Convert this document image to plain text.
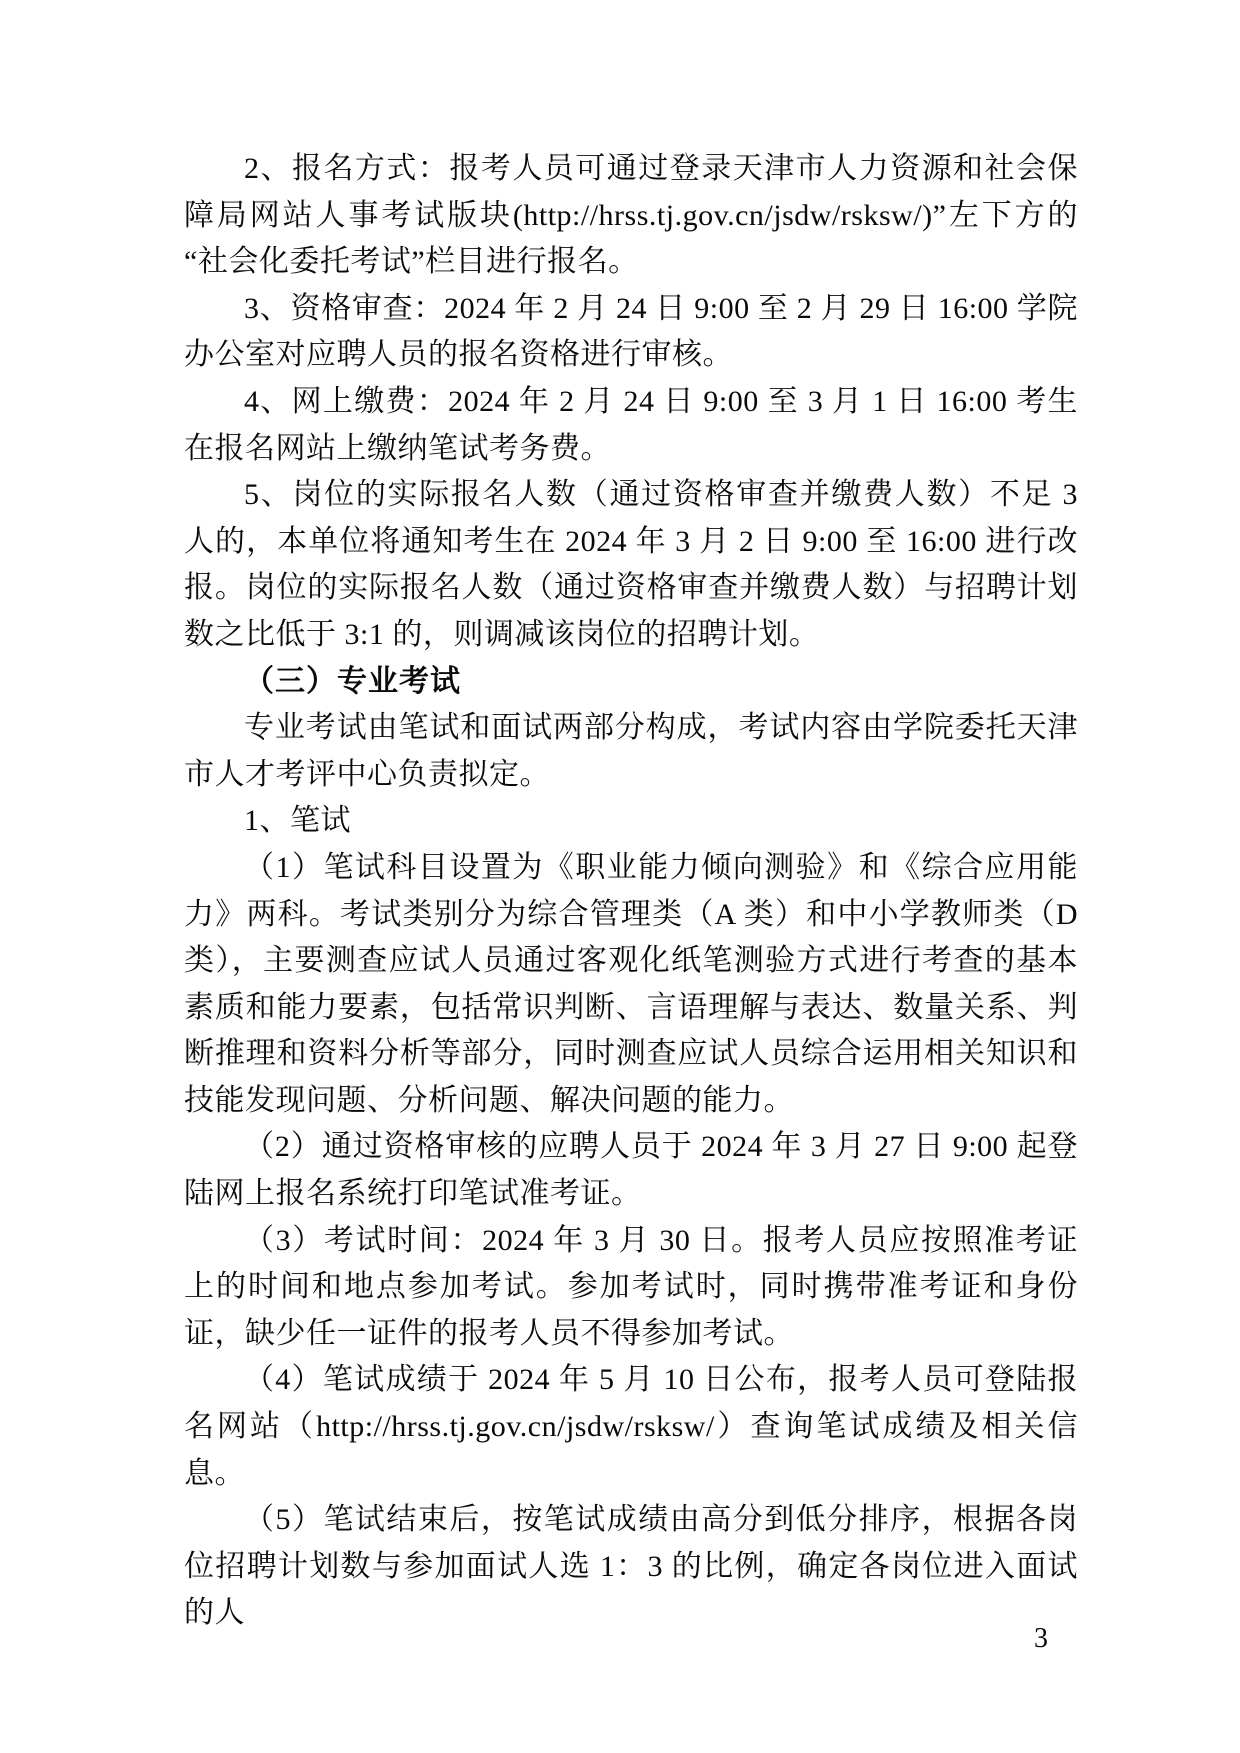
2、报名方式：报考人员可通过登录天津市人力资源和社会保障局网站人事考试版块(http://hrss.tj.gov.cn/jsdw/rsksw/)”左下方的“社会化委托考试”栏目进行报名。

3、资格审查：2024 年 2 月 24 日 9:00 至 2 月 29 日 16:00 学院办公室对应聘人员的报名资格进行审核。

4、网上缴费：2024 年 2 月 24 日 9:00 至 3 月 1 日 16:00 考生在报名网站上缴纳笔试考务费。

5、岗位的实际报名人数（通过资格审查并缴费人数）不足 3 人的，本单位将通知考生在 2024 年 3 月 2 日 9:00 至 16:00 进行改报。岗位的实际报名人数（通过资格审查并缴费人数）与招聘计划数之比低于 3:1 的，则调减该岗位的招聘计划。

（三）专业考试

专业考试由笔试和面试两部分构成，考试内容由学院委托天津市人才考评中心负责拟定。

1、笔试

（1）笔试科目设置为《职业能力倾向测验》和《综合应用能力》两科。考试类别分为综合管理类（A 类）和中小学教师类（D 类），主要测查应试人员通过客观化纸笔测验方式进行考查的基本素质和能力要素，包括常识判断、言语理解与表达、数量关系、判断推理和资料分析等部分，同时测查应试人员综合运用相关知识和技能发现问题、分析问题、解决问题的能力。

（2）通过资格审核的应聘人员于 2024 年 3 月 27 日 9:00 起登陆网上报名系统打印笔试准考证。

（3）考试时间：2024 年 3 月 30 日。报考人员应按照准考证上的时间和地点参加考试。参加考试时，同时携带准考证和身份证，缺少任一证件的报考人员不得参加考试。

（4）笔试成绩于 2024 年 5 月 10 日公布，报考人员可登陆报名网站（http://hrss.tj.gov.cn/jsdw/rsksw/）查询笔试成绩及相关信息。

（5）笔试结束后，按笔试成绩由高分到低分排序，根据各岗位招聘计划数与参加面试人选 1：3 的比例，确定各岗位进入面试的人

3
